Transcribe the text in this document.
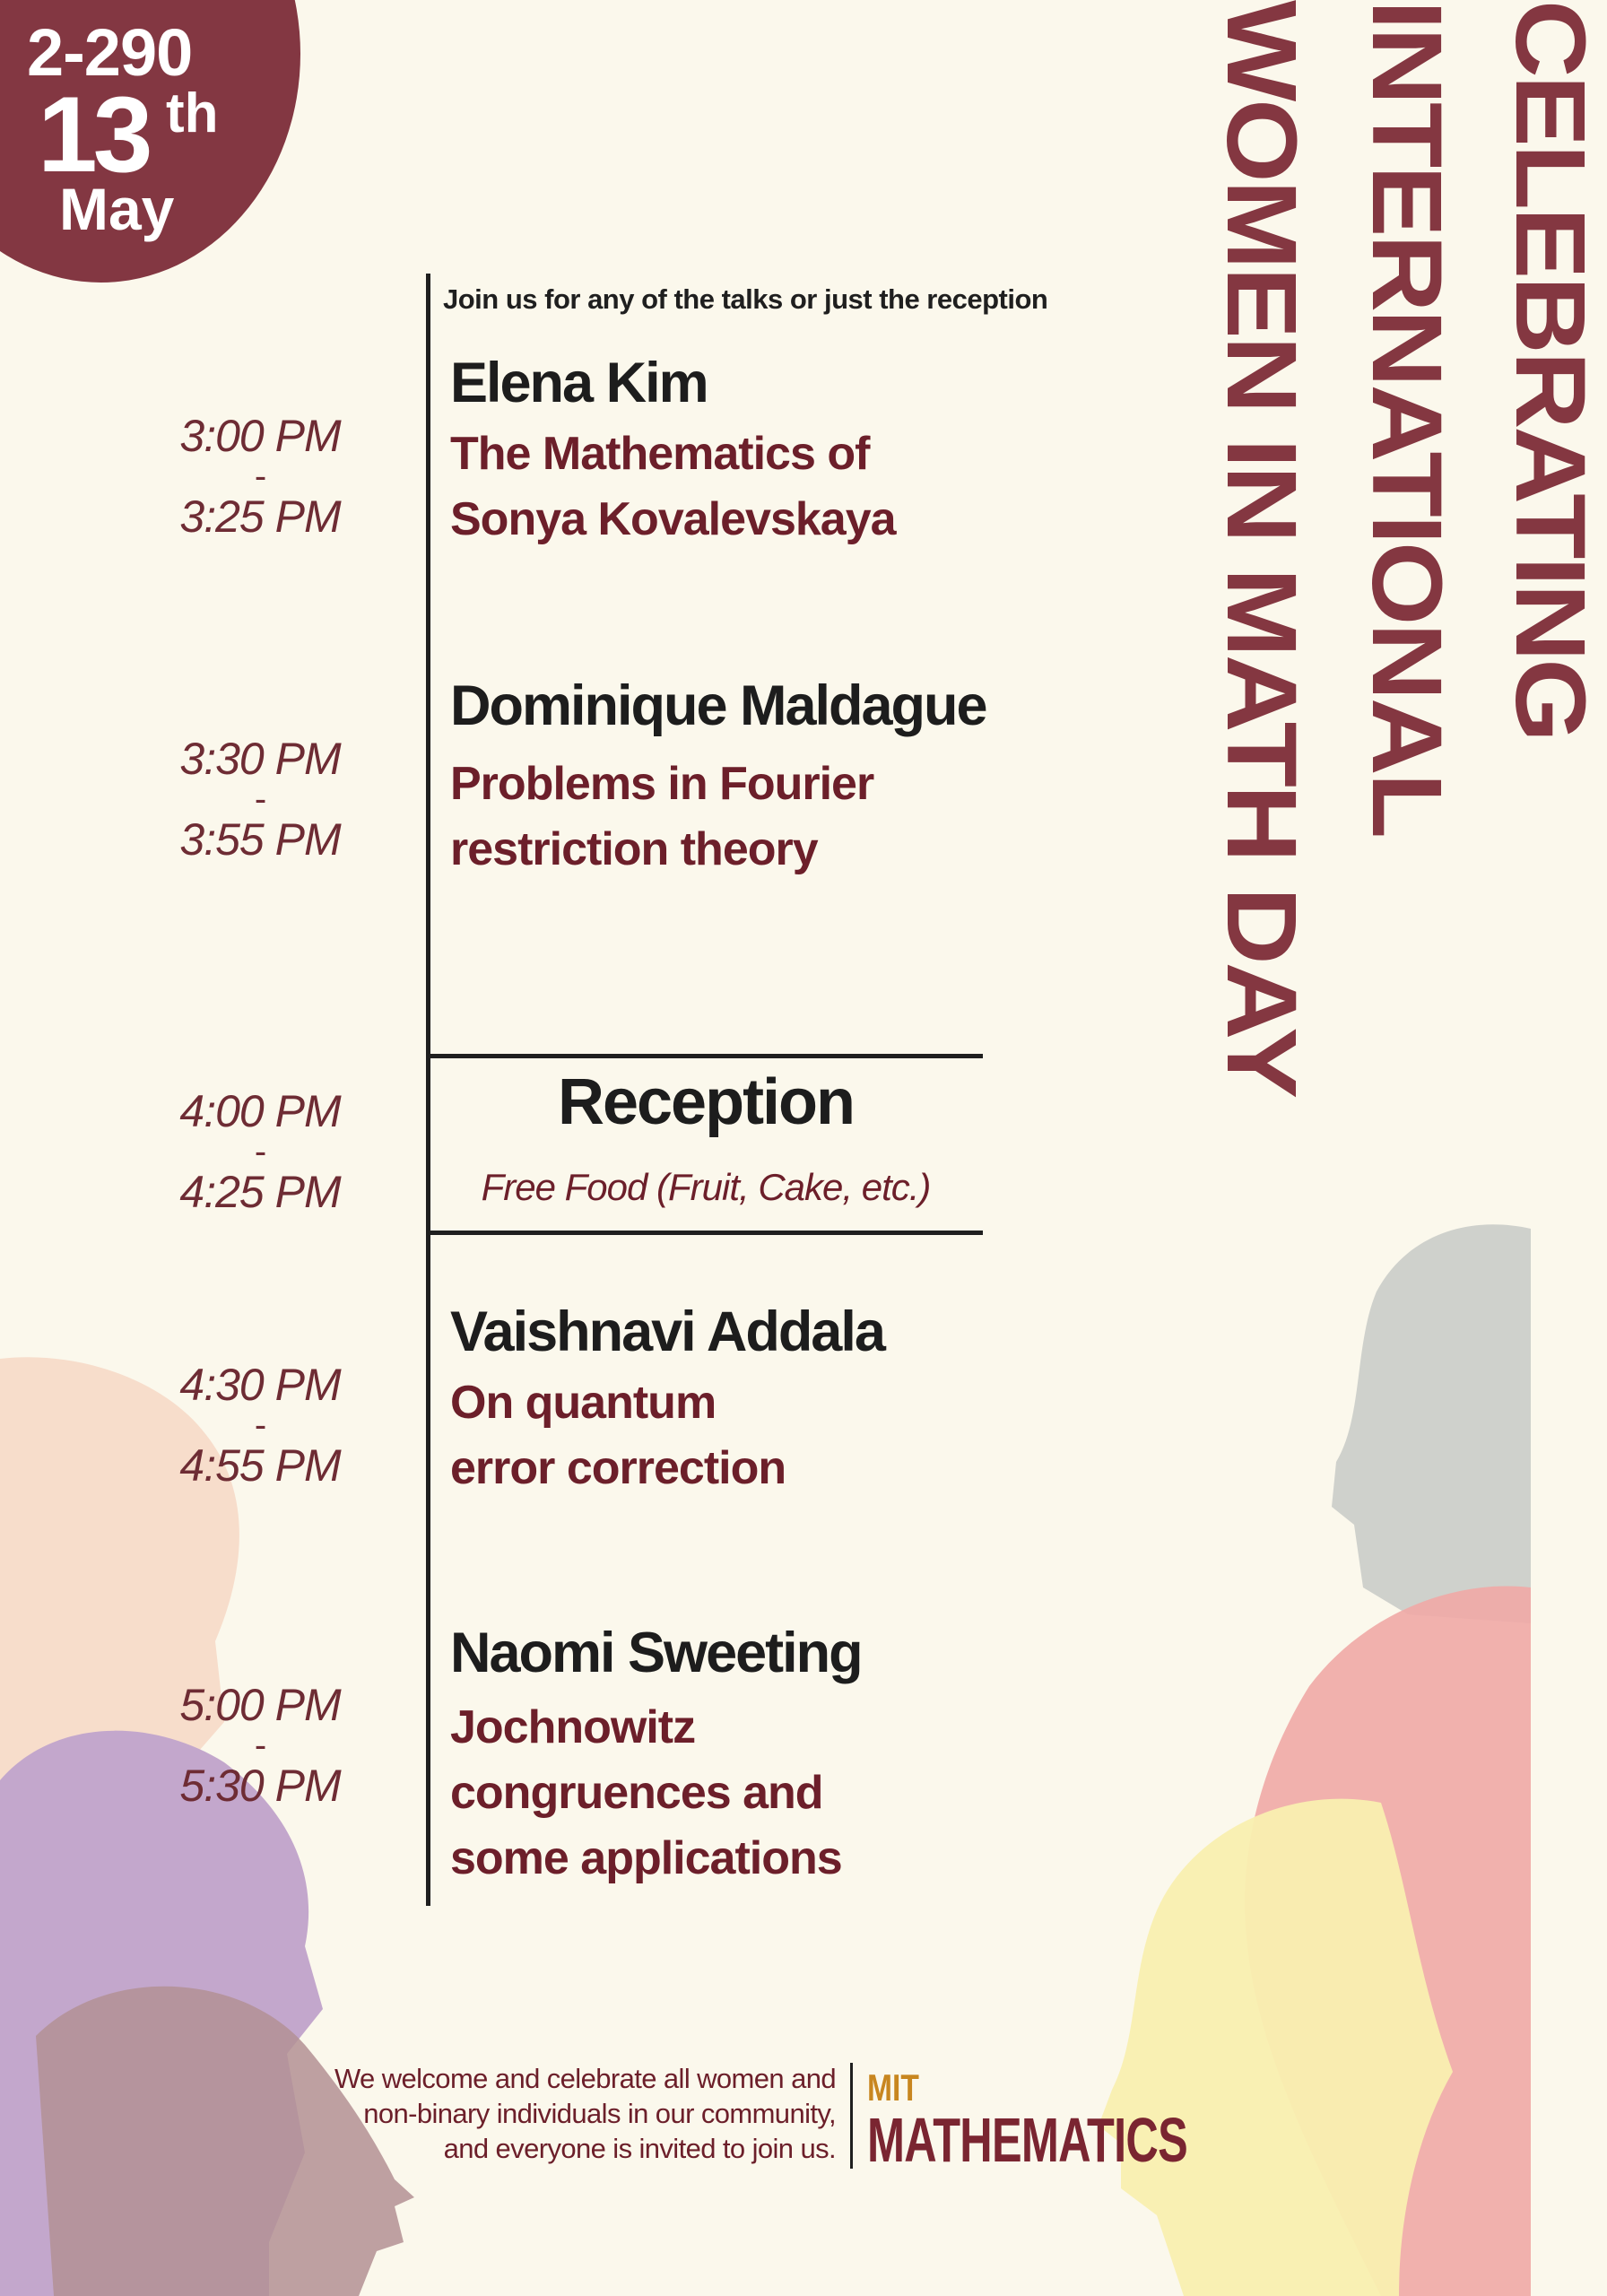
2-290
13 th
May	CELEBRATING
INTERNATIONAL
WOMEN IN MATH DAY
Join us for any of the talks or just the reception
3:00 PM
-
3:25 PM
Elena Kim

The Mathematics of
Sonya Kovalevskaya

3:30 PM
-
3:55 PM
Dominique Maldague

Problems in Fourier
restriction theory

4:00 PM
-
4:25 PM
Reception
Free Food (Fruit, Cake, etc.)
4:30 PM
-
4:55 PM
Vaishnavi Addala

On quantum
error correction

5:00 PM
-
5:30 PM
Naomi Sweeting

Jochnowitz
congruences and
some applications

We welcome and celebrate all women and
non-binary individuals in our community,
and everyone is invited to join us.

MIT
MATHEMATICS
